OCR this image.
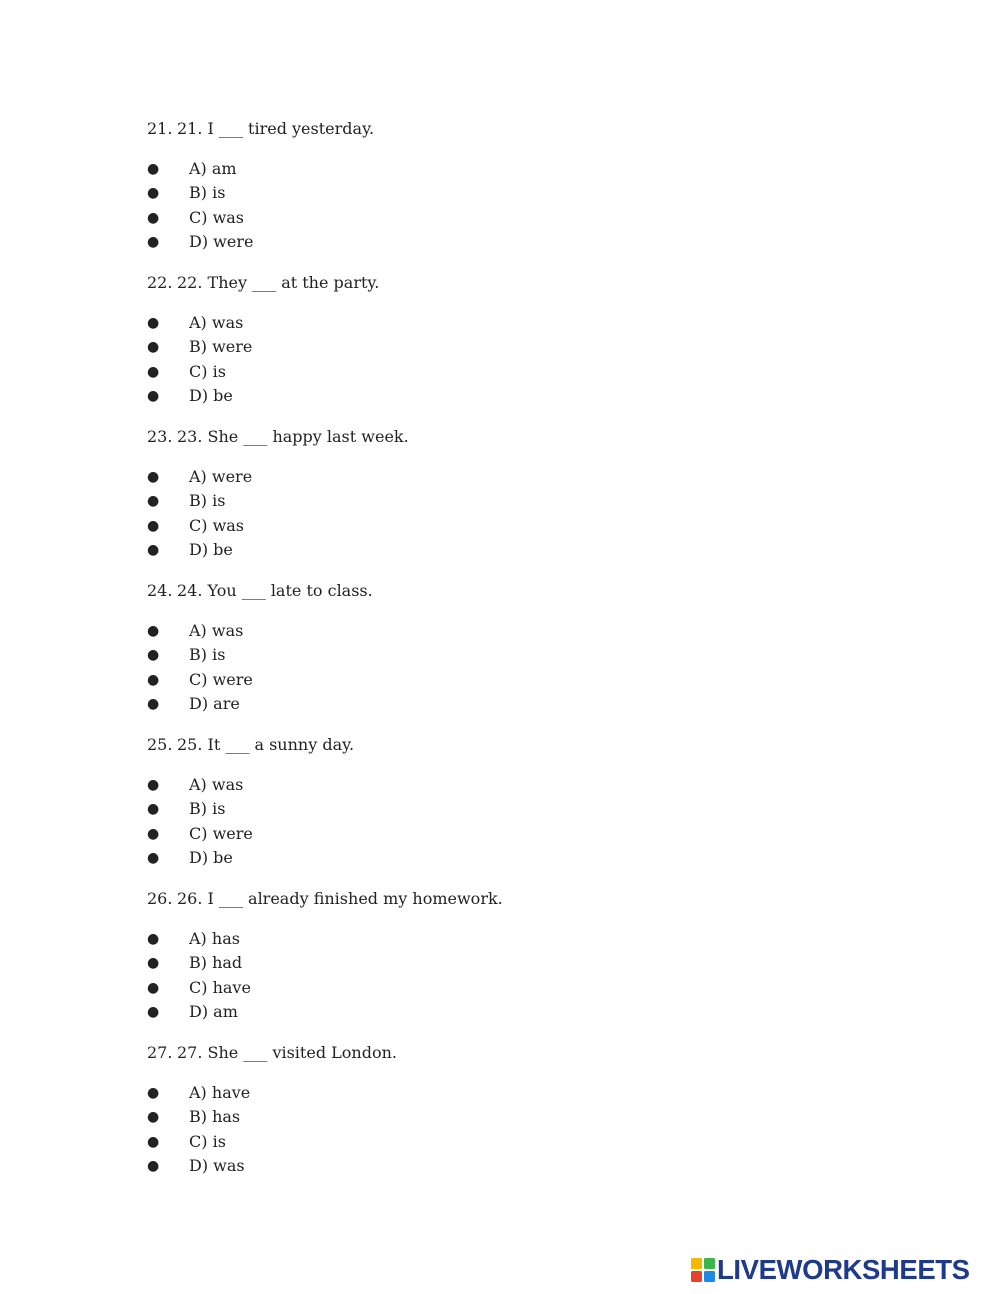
21. 21. I ___ tired yesterday.
● A) am
● B) is
● C) was
● D) were
22. 22. They ___ at the party.
● A) was
● B) were
● C) is
● D) be
23. 23. She ___ happy last week.
● A) were
● B) is
● C) was
● D) be
24. 24. You ___ late to class.
● A) was
● B) is
● C) were
● D) are
25. 25. It ___ a sunny day.
● A) was
● B) is
● C) were
● D) be
26. 26. I ___ already finished my homework.
● A) has
● B) had
● C) have
● D) am
27. 27. She ___ visited London.
● A) have
● B) has
● C) is
● D) was
LIVEWORKSHEETS
